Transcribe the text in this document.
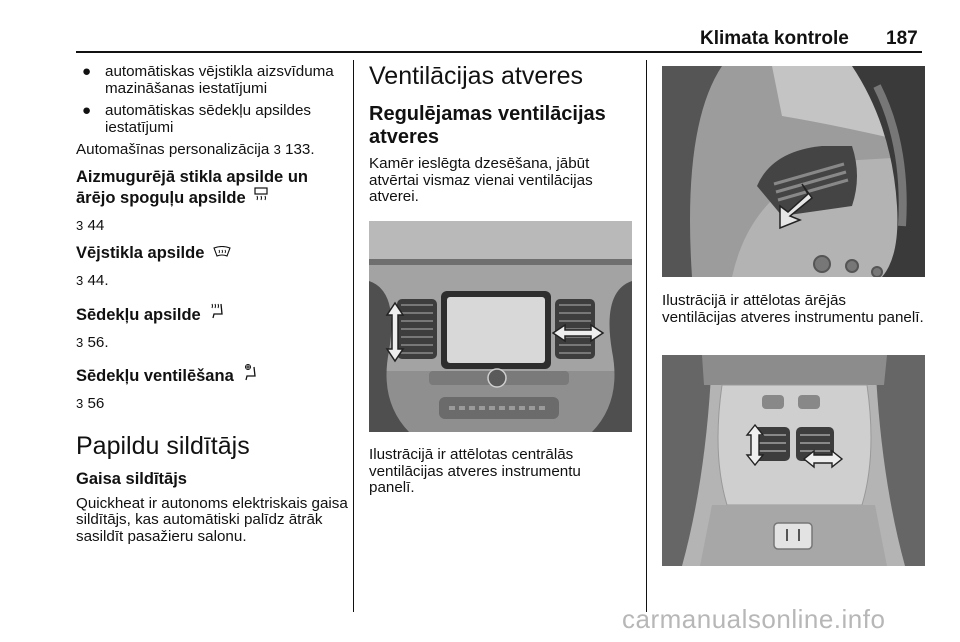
Klimata kontrole 187
● automātiskas vējstikla aizsvīduma mazināšanas iestatījumi
● automātiskas sēdekļu apsildes iestatījumi

Automašīnas personalizācija 3 133.

Aizmugurējā stikla apsilde un ārējo spoguļu apsilde

3 44

Vējstikla apsilde

3 44.

Sēdekļu apsilde

3 56.

Sēdekļu ventilēšana

3 56

Papildu sildītājs

Gaisa sildītājs

Quickheat ir autonoms elektriskais gaisa sildītājs, kas automātiski palīdz ātrāk sasildīt pasažieru salonu.

Ventilācijas atveres

Regulējamas ventilācijas atveres

Kamēr ieslēgta dzesēšana, jābūt atvērtai vismaz vienai ventilācijas atverei.

Ilustrācijā ir attēlotas centrālās ventilācijas atveres instrumentu panelī.
Ilustrācijā ir attēlotas ārējās ventilācijas atveres instrumentu panelī.
carmanualsonline.info
